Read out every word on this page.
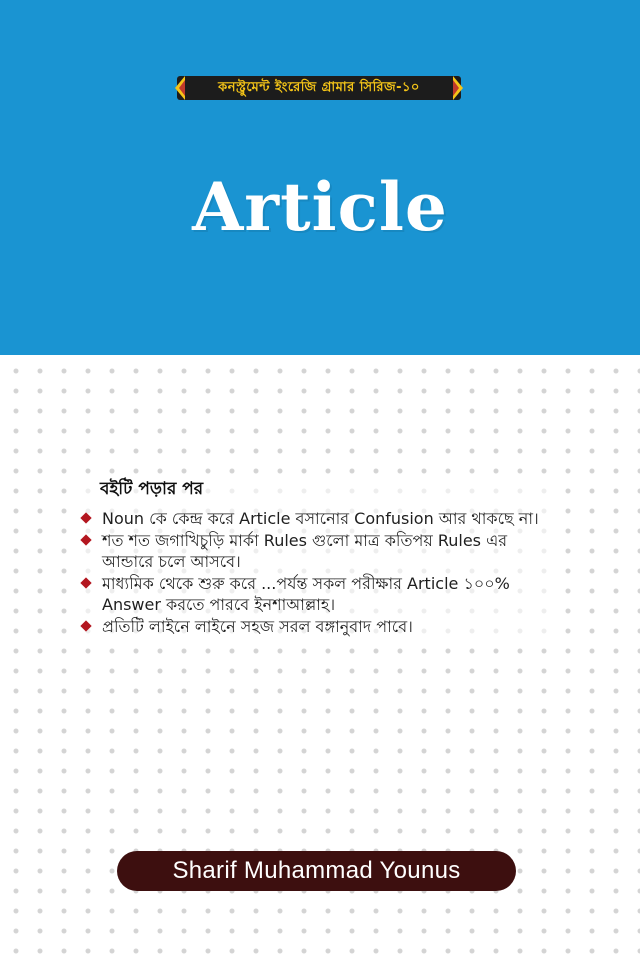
কনস্ট্রুমেন্ট ইংরেজি গ্রামার সিরিজ-১০
Article
বইটি পড়ার পর
Noun কে কেন্দ্র করে Article বসানোর Confusion আর থাকছে না।
শত শত জগাখিচুড়ি মার্কা Rules গুলো মাত্র কতিপয় Rules এর আন্ডারে চলে আসবে।
মাধ্যমিক থেকে শুরু করে ...পর্যন্ত সকল পরীক্ষার Article ১০০% Answer করতে পারবে ইনশাআল্লাহ।
প্রতিটি লাইনে লাইনে সহজ সরল বঙ্গানুবাদ পাবে।
Sharif Muhammad Younus
